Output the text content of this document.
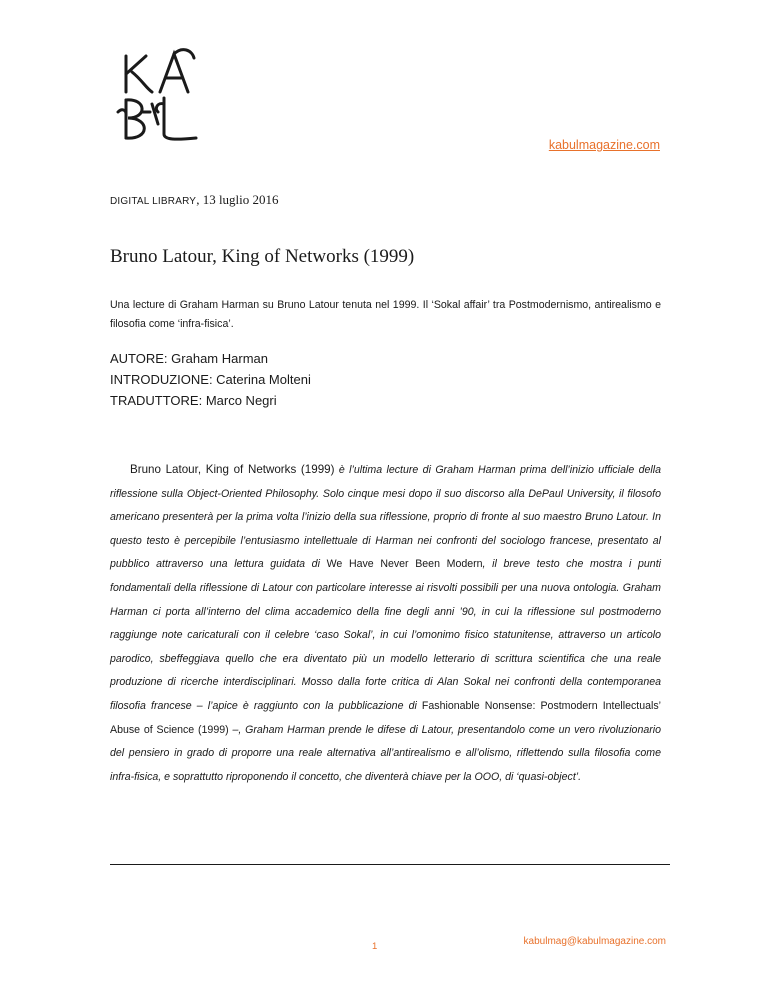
kabulmagazine.com
DIGITAL LIBRARY, 13 luglio 2016
Bruno Latour, King of Networks (1999)

Una lecture di Graham Harman su Bruno Latour tenuta nel 1999. Il ‘Sokal affair’ tra Postmodernismo, antirealismo e filosofia come ‘infra-fisica’.

AUTORE: Graham Harman
INTRODUZIONE: Caterina Molteni
TRADUTTORE: Marco Negri

Bruno Latour, King of Networks (1999) è l’ultima lecture di Graham Harman prima dell’inizio ufficiale della riflessione sulla Object-Oriented Philosophy. Solo cinque mesi dopo il suo discorso alla DePaul University, il filosofo americano presenterà per la prima volta l’inizio della sua riflessione, proprio di fronte al suo maestro Bruno Latour. In questo testo è percepibile l’entusiasmo intellettuale di Harman nei confronti del sociologo francese, presentato al pubblico attraverso una lettura guidata di We Have Never Been Modern, il breve testo che mostra i punti fondamentali della riflessione di Latour con particolare interesse ai risvolti possibili per una nuova ontologia. Graham Harman ci porta all’interno del clima accademico della fine degli anni ’90, in cui la riflessione sul postmoderno raggiunge note caricaturali con il celebre ‘caso Sokal’, in cui l’omonimo fisico statunitense, attraverso un articolo parodico, sbeffeggiava quello che era diventato più un modello letterario di scrittura scientifica che una reale produzione di ricerche interdisciplinari. Mosso dalla forte critica di Alan Sokal nei confronti della contemporanea filosofia francese – l’apice è raggiunto con la pubblicazione di Fashionable Nonsense: Postmodern Intellectuals’ Abuse of Science (1999) –, Graham Harman prende le difese di Latour, presentandolo come un vero rivoluzionario del pensiero in grado di proporre una reale alternativa all’antirealismo e all’olismo, riflettendo sulla filosofia come infra-fisica, e soprattutto riproponendo il concetto, che diventerà chiave per la OOO, di ‘quasi-object’.

1	kabulmag@kabulmagazine.com
